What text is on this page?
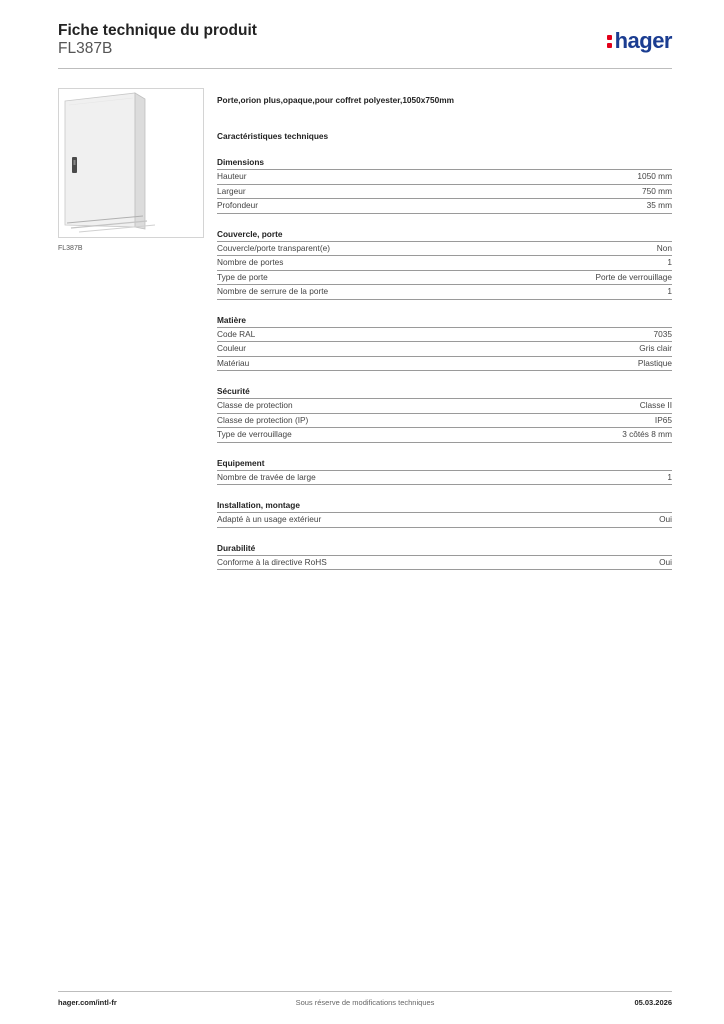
Fiche technique du produit
FL387B	hager
FL387B
Porte,orion plus,opaque,pour coffret polyester,1050x750mm
Caractéristiques techniques
Dimensions
Hauteur	1050 mm
Largeur	750 mm
Profondeur	35 mm
Couvercle, porte
Couvercle/porte transparent(e)	Non
Nombre de portes	1
Type de porte	Porte de verrouillage
Nombre de serrure de la porte	1
Matière
Code RAL	7035
Couleur	Gris clair
Matériau	Plastique
Sécurité
Classe de protection	Classe II
Classe de protection (IP)	IP65
Type de verrouillage	3 côtés 8 mm
Equipement
Nombre de travée de large	1
Installation, montage
Adapté à un usage extérieur	Oui
Durabilité
Conforme à la directive RoHS	Oui
hager.com/intl-fr	Sous réserve de modifications techniques	05.03.2026
